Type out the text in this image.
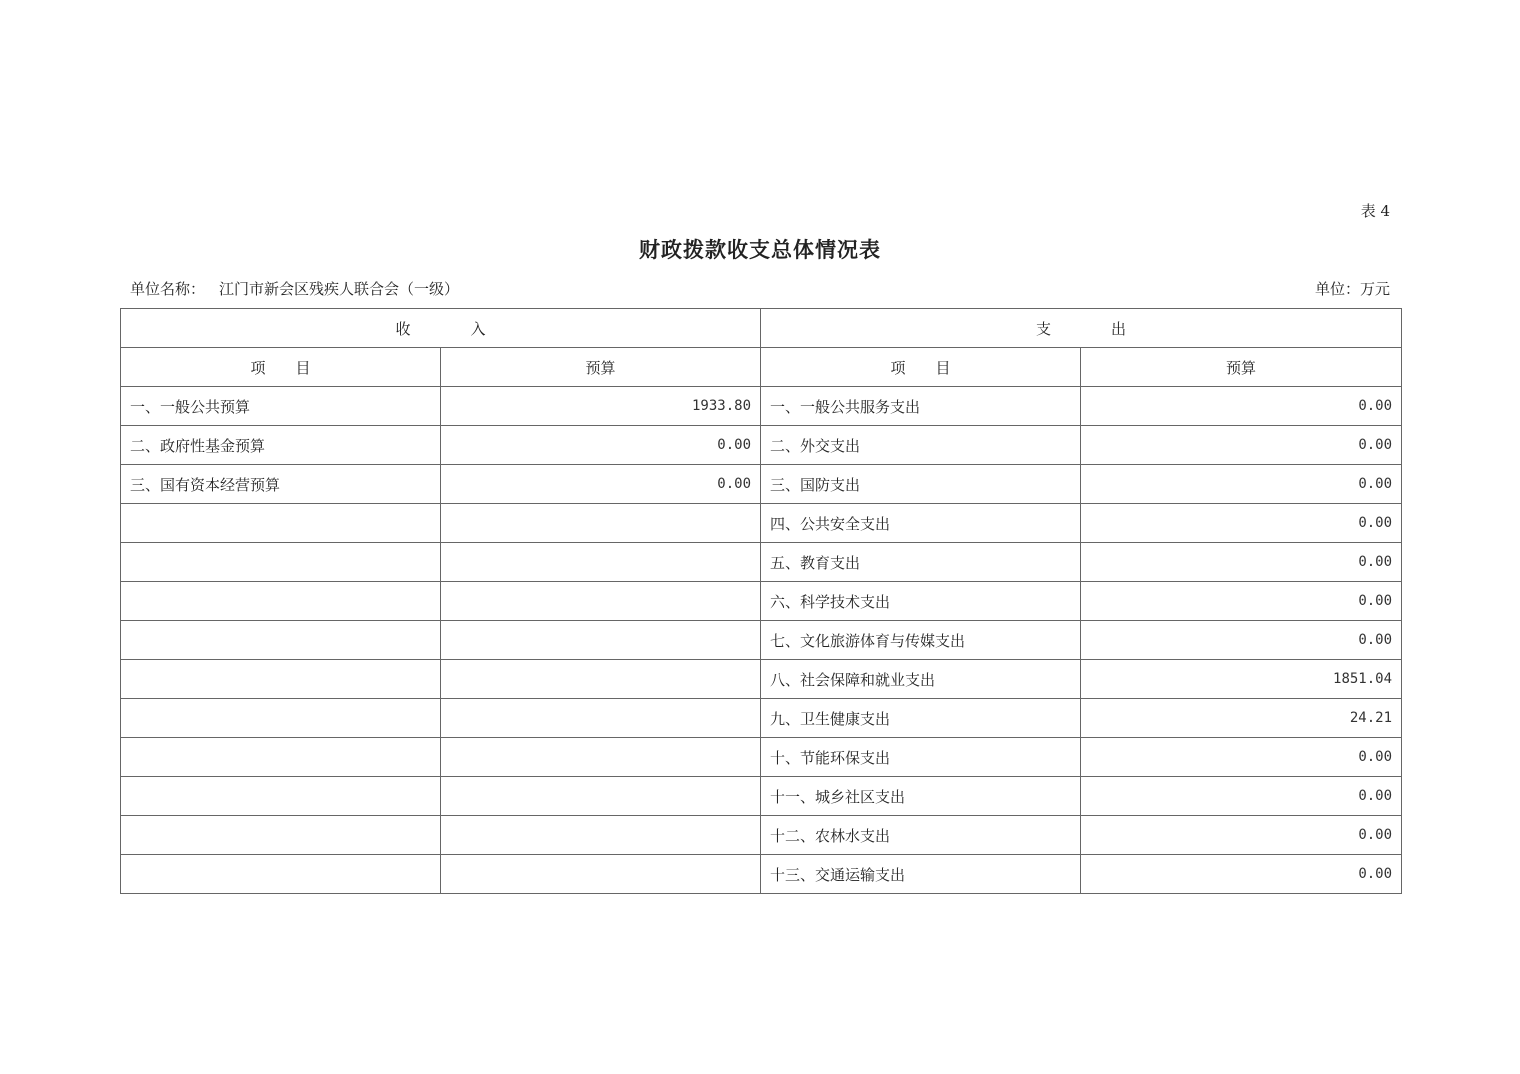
表 4
财政拨款收支总体情况表
单位名称： 江门市新会区残疾人联合会（一级）	单位：万元
收　　　　入		支　　　　出	
项　　目	预算	项　　目	预算
一、一般公共预算	1933.80	一、一般公共服务支出	0.00
二、政府性基金预算	0.00	二、外交支出	0.00
三、国有资本经营预算	0.00	三、国防支出	0.00
		四、公共安全支出	0.00
		五、教育支出	0.00
		六、科学技术支出	0.00
		七、文化旅游体育与传媒支出	0.00
		八、社会保障和就业支出	1851.04
		九、卫生健康支出	24.21
		十、节能环保支出	0.00
		十一、城乡社区支出	0.00
		十二、农林水支出	0.00
		十三、交通运输支出	0.00
